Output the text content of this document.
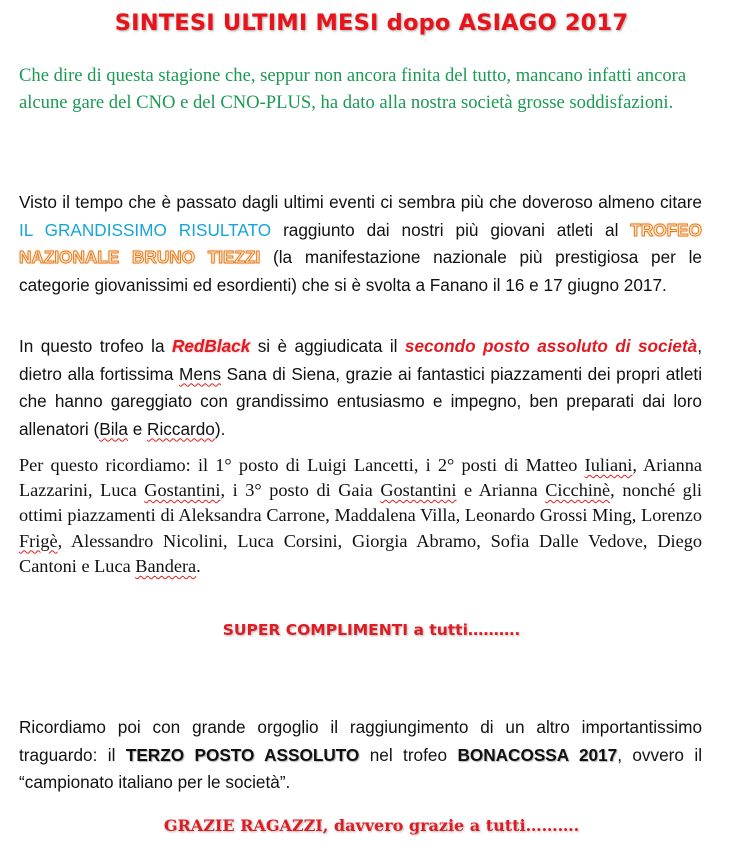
SINTESI ULTIMI MESI dopo ASIAGO 2017
Che dire di questa stagione che, seppur non ancora finita del tutto, mancano infatti ancora alcune gare del CNO e del CNO-PLUS, ha dato alla nostra società grosse soddisfazioni.

Visto il tempo che è passato dagli ultimi eventi ci sembra più che doveroso almeno citare IL GRANDISSIMO RISULTATO raggiunto dai nostri più giovani atleti al TROFEO NAZIONALE BRUNO TIEZZI (la manifestazione nazionale più prestigiosa per le categorie giovanissimi ed esordienti) che si è svolta a Fanano il 16 e 17 giugno 2017.

In questo trofeo la RedBlack si è aggiudicata il secondo posto assoluto di società, dietro alla fortissima Mens Sana di Siena, grazie ai fantastici piazzamenti dei propri atleti che hanno gareggiato con grandissimo entusiasmo e impegno, ben preparati dai loro allenatori (Bila e Riccardo).

Per questo ricordiamo: il 1° posto di Luigi Lancetti, i 2° posti di Matteo Iuliani, Arianna Lazzarini, Luca Gostantini, i 3° posto di Gaia Gostantini e Arianna Cicchinè, nonché gli ottimi piazzamenti di Aleksandra Carrone, Maddalena Villa, Leonardo Grossi Ming, Lorenzo Frigè, Alessandro Nicolini, Luca Corsini, Giorgia Abramo, Sofia Dalle Vedove, Diego Cantoni e Luca Bandera.

SUPER COMPLIMENTI a tutti……….

Ricordiamo poi con grande orgoglio il raggiungimento di un altro importantissimo traguardo: il TERZO POSTO ASSOLUTO nel trofeo BONACOSSA 2017, ovvero il “campionato italiano per le società”.

GRAZIE RAGAZZI, davvero grazie a tutti……….
